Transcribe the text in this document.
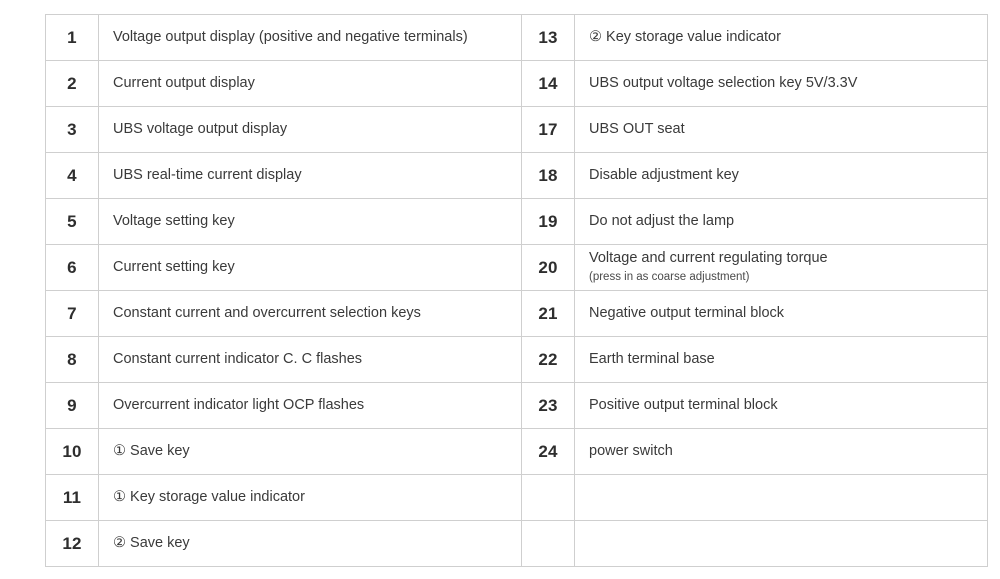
1	Voltage output display (positive and negative terminals)	13	② Key storage value indicator

2	Current output display	14	UBS output voltage selection key 5V/3.3V

3	UBS voltage output display	17	UBS OUT seat

4	UBS real-time current display	18	Disable adjustment key

5	Voltage setting key	19	Do not adjust the lamp

6	Current setting key	20	Voltage and current regulating torque
(press in as coarse adjustment)

7	Constant current and overcurrent selection keys	21	Negative output terminal block

8	Constant current indicator C. C flashes	22	Earth terminal base

9	Overcurrent indicator light OCP flashes	23	Positive output terminal block

10	① Save key	24	power switch

11	① Key storage value indicator		

12	② Save key		
